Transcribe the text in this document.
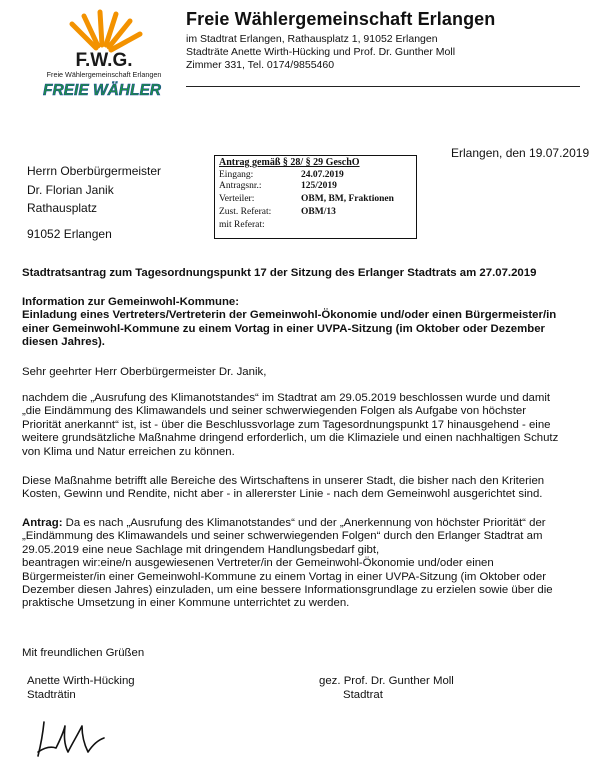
F.W.G.
Freie Wählergemeinschaft Erlangen
FREIE WÄHLER
Freie Wählergemeinschaft Erlangen
im Stadtrat Erlangen, Rathausplatz 1, 91052 Erlangen
Stadträte Anette Wirth-Hücking und Prof. Dr. Gunther Moll
Zimmer 331, Tel. 0174/9855460
Erlangen, den 19.07.2019
Herrn Oberbürgermeister
Dr. Florian Janik
Rathausplatz
91052 Erlangen
Antrag gemäß § 28/ § 29 GeschO
Eingang:	24.07.2019
Antragsnr.:	125/2019
Verteiler:	OBM, BM, Fraktionen
Zust. Referat:	OBM/13
mit Referat:
Stadtratsantrag zum Tagesordnungspunkt 17 der Sitzung des Erlanger Stadtrats am 27.07.2019
Information zur Gemeinwohl-Kommune:
Einladung eines Vertreters/Vertreterin der Gemeinwohl-Ökonomie und/oder einen Bürgermeister/in
einer Gemeinwohl-Kommune zu einem Vortag in einer UVPA-Sitzung (im Oktober oder Dezember
diesen Jahres).
Sehr geehrter Herr Oberbürgermeister Dr. Janik,
nachdem die „Ausrufung des Klimanotstandes“ im Stadtrat am 29.05.2019 beschlossen wurde und damit
„die Eindämmung des Klimawandels und seiner schwerwiegenden Folgen als Aufgabe von höchster
Priorität anerkannt“ ist, ist - über die Beschlussvorlage zum Tagesordnungspunkt 17 hinausgehend - eine
weitere grundsätzliche Maßnahme dringend erforderlich, um die Klimaziele und einen nachhaltigen Schutz
von Klima und Natur erreichen zu können.
Diese Maßnahme betrifft alle Bereiche des Wirtschaftens in unserer Stadt, die bisher nach den Kriterien
Kosten, Gewinn und Rendite, nicht aber - in allererster Linie - nach dem Gemeinwohl ausgerichtet sind.
Antrag: Da es nach „Ausrufung des Klimanotstandes“ und der „Anerkennung von höchster Priorität“ der
„Eindämmung des Klimawandels und seiner schwerwiegenden Folgen“ durch den Erlanger Stadtrat am
29.05.2019 eine neue Sachlage mit dringendem Handlungsbedarf gibt,
beantragen wir:eine/n ausgewiesenen Vertreter/in der Gemeinwohl-Ökonomie und/oder einen
Bürgermeister/in einer Gemeinwohl-Kommune zu einem Vortag in einer UVPA-Sitzung (im Oktober oder
Dezember diesen Jahres) einzuladen, um eine bessere Informationsgrundlage zu erzielen sowie über die
praktische Umsetzung in einer Kommune unterrichtet zu werden.
Mit freundlichen Grüßen
Anette Wirth-Hücking
Stadträtin
gez. Prof. Dr. Gunther Moll
Stadtrat
